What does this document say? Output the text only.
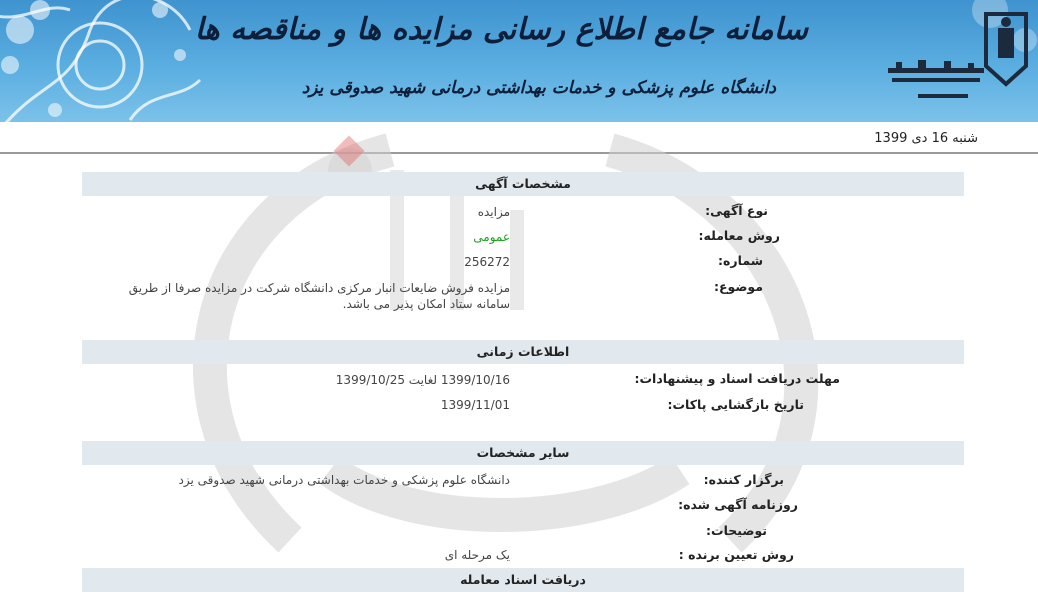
سامانه جامع اطلاع رسانی مزایده ها و مناقصه ها
دانشگاه علوم پزشکی و خدمات بهداشتی درمانی شهید صدوقی یزد
شنبه 16 دی 1399
مشخصات آگهی
نوع آگهی:
مزایده
روش معامله:
عمومی
شماره:
256272
موضوع:
مزایده فروش ضایعات انبار مرکزی دانشگاه شرکت در مزایده صرفا از طریق سامانه ستاد امکان پذیر می باشد.
اطلاعات زمانی
مهلت دریافت اسناد و پیشنهادات:
1399/10/16 لغایت 1399/10/25
تاریخ بازگشایی پاکات:
1399/11/01
سایر مشخصات
برگزار کننده:
دانشگاه علوم پزشکی و خدمات بهداشتی درمانی شهید صدوقی یزد
روزنامه آگهی شده:
توضیحات:
روش تعیین برنده :
یک مرحله ای
دریافت اسناد معامله
